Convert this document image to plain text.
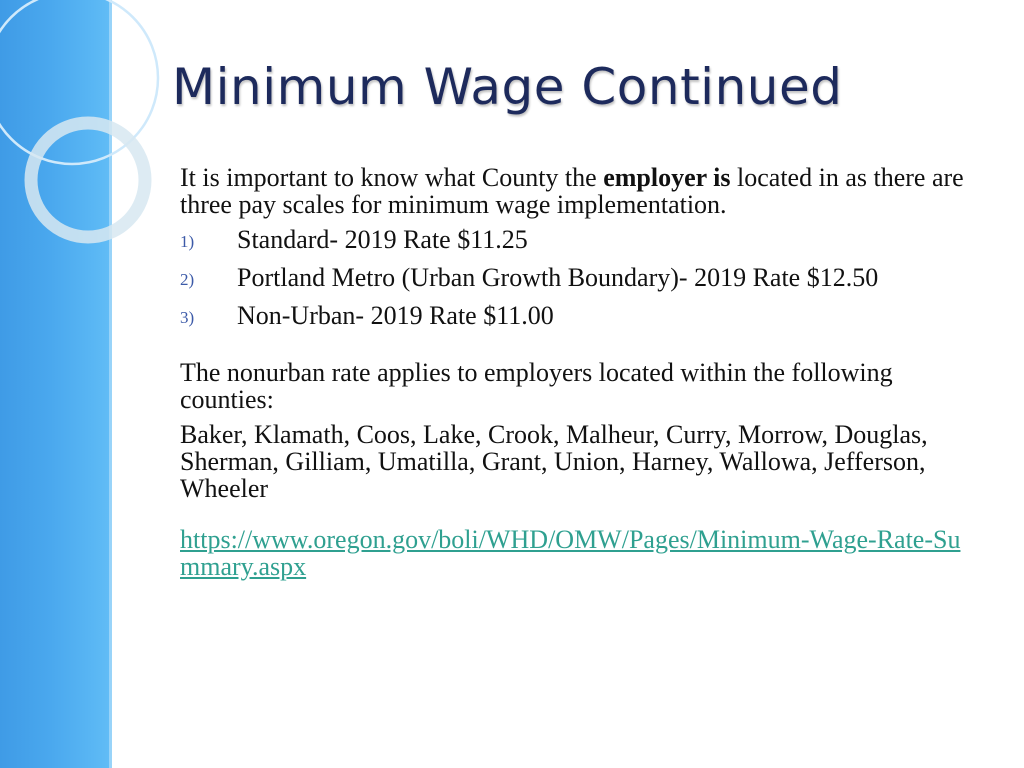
Minimum Wage Continued

It is important to know what County the employer is located in as there are three pay scales for minimum wage implementation.

1)	Standard- 2019 Rate $11.25
2)	Portland Metro (Urban Growth Boundary)- 2019 Rate $12.50
3)	Non-Urban- 2019 Rate $11.00

The nonurban rate applies to employers located within the following counties:

Baker, Klamath, Coos, Lake, Crook, Malheur, Curry, Morrow, Douglas, Sherman, Gilliam, Umatilla, Grant, Union, Harney, Wallowa, Jefferson, Wheeler

https://www.oregon.gov/boli/WHD/OMW/Pages/Minimum-Wage-Rate-Summary.aspx
